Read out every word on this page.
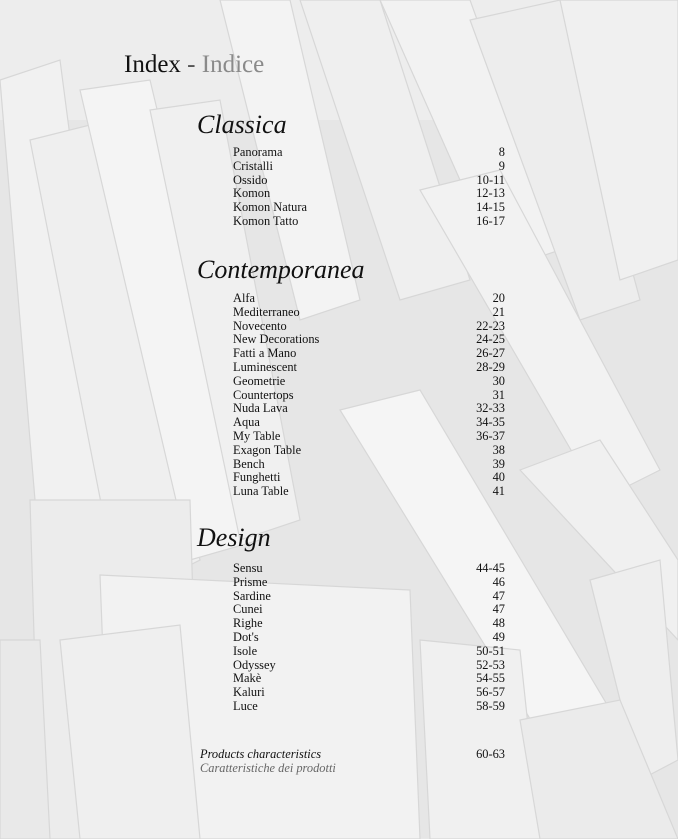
Index - Indice
Classica
Panorama	8
Cristalli	9
Ossido	10-11
Komon	12-13
Komon Natura	14-15
Komon Tatto	16-17
Contemporanea
Alfa	20
Mediterraneo	21
Novecento	22-23
New Decorations	24-25
Fatti a Mano	26-27
Luminescent	28-29
Geometrie	30
Countertops	31
Nuda Lava	32-33
Aqua	34-35
My Table	36-37
Exagon Table	38
Bench	39
Funghetti	40
Luna Table	41
Design
Sensu	44-45
Prisme	46
Sardine	47
Cunei	47
Righe	48
Dot's	49
Isole	50-51
Odyssey	52-53
Makè	54-55
Kaluri	56-57
Luce	58-59
Products characteristics	60-63
Caratteristiche dei prodotti
